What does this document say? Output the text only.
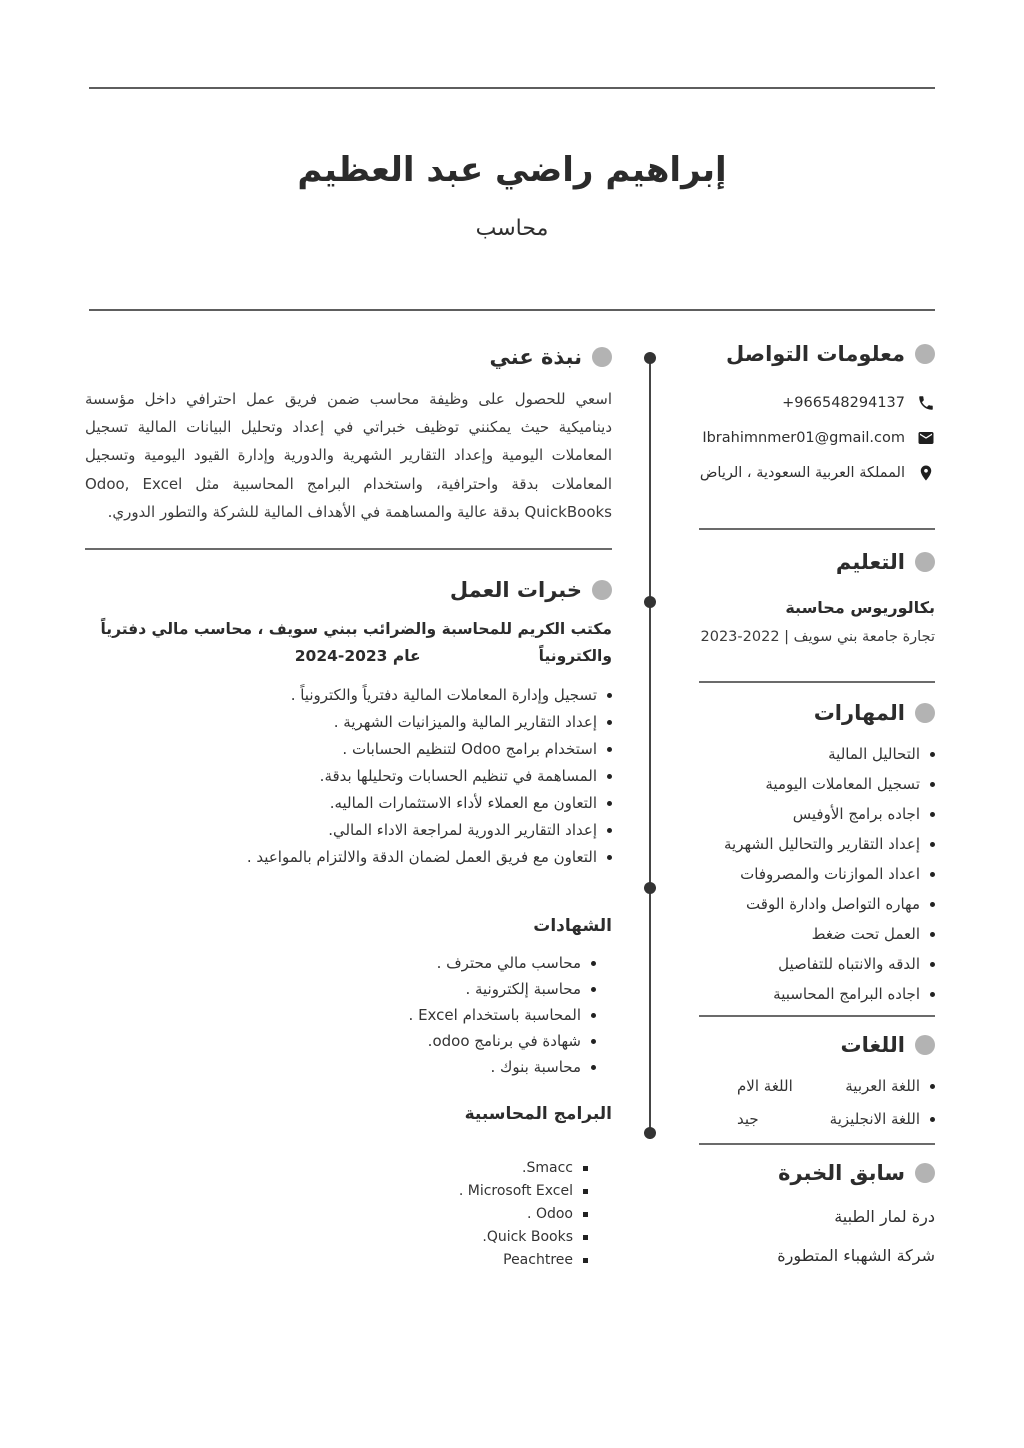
إبراهيم راضي عبد العظيم
محاسب
معلومات التواصل
+966548294137
Ibrahimnmer01@gmail.com
المملكة العربية السعودية ، الرياض
التعليم
بكالوريوس محاسبة
تجارة جامعة بني سويف | 2022-2023
المهارات
التحاليل المالية
تسجيل المعاملات اليومية
اجاده برامج الأوفيس
إعداد التقارير والتحاليل الشهرية
اعداد الموازنات والمصروفات
مهاره التواصل وادارة الوقت
العمل تحت ضغط
الدقه والانتباه للتفاصيل
اجاده البرامج المحاسبية
اللغات
اللغة العربية
اللغة الام
اللغة الانجليزية
جيد
سابق الخبرة
درة لمار الطبية
شركة الشهباء المتطورة
نبذة عني
اسعي للحصول على وظيفة محاسب ضمن فريق عمل احترافي داخل مؤسسة ديناميكية حيث يمكنني توظيف خبراتي في إعداد وتحليل البيانات المالية تسجيل المعاملات اليومية وإعداد التقارير الشهرية والدورية وإدارة القيود اليومية وتسجيل المعاملات بدقة واحترافية، واستخدام البرامج المحاسبية مثل Odoo, Excel QuickBooks بدقة عالية والمساهمة في الأهداف المالية للشركة والتطور الدوري.
خبرات العمل
مكتب الكريم للمحاسبة والضرائب ببني سويف ، محاسب مالي دفترياً والكترونياًعام 2023-2024
تسجيل وإدارة المعاملات المالية دفترياً والكترونياً .
إعداد التقارير المالية والميزانيات الشهرية .
استخدام برامج Odoo لتنظيم الحسابات .
المساهمة في تنظيم الحسابات وتحليلها بدقة.
التعاون مع العملاء لأداء الاستثمارات الماليه.
إعداد التقارير الدورية لمراجعة الاداء المالي.
التعاون مع فريق العمل لضمان الدقة والالتزام بالمواعيد .
الشهادات
محاسب مالي محترف .
محاسبة إلكترونية .
المحاسبة باستخدام Excel .
شهادة في برنامج odoo.
محاسبة بنوك .
البرامج المحاسبية
Smacc.
Microsoft Excel .
Odoo .
Quick Books.
Peachtree
